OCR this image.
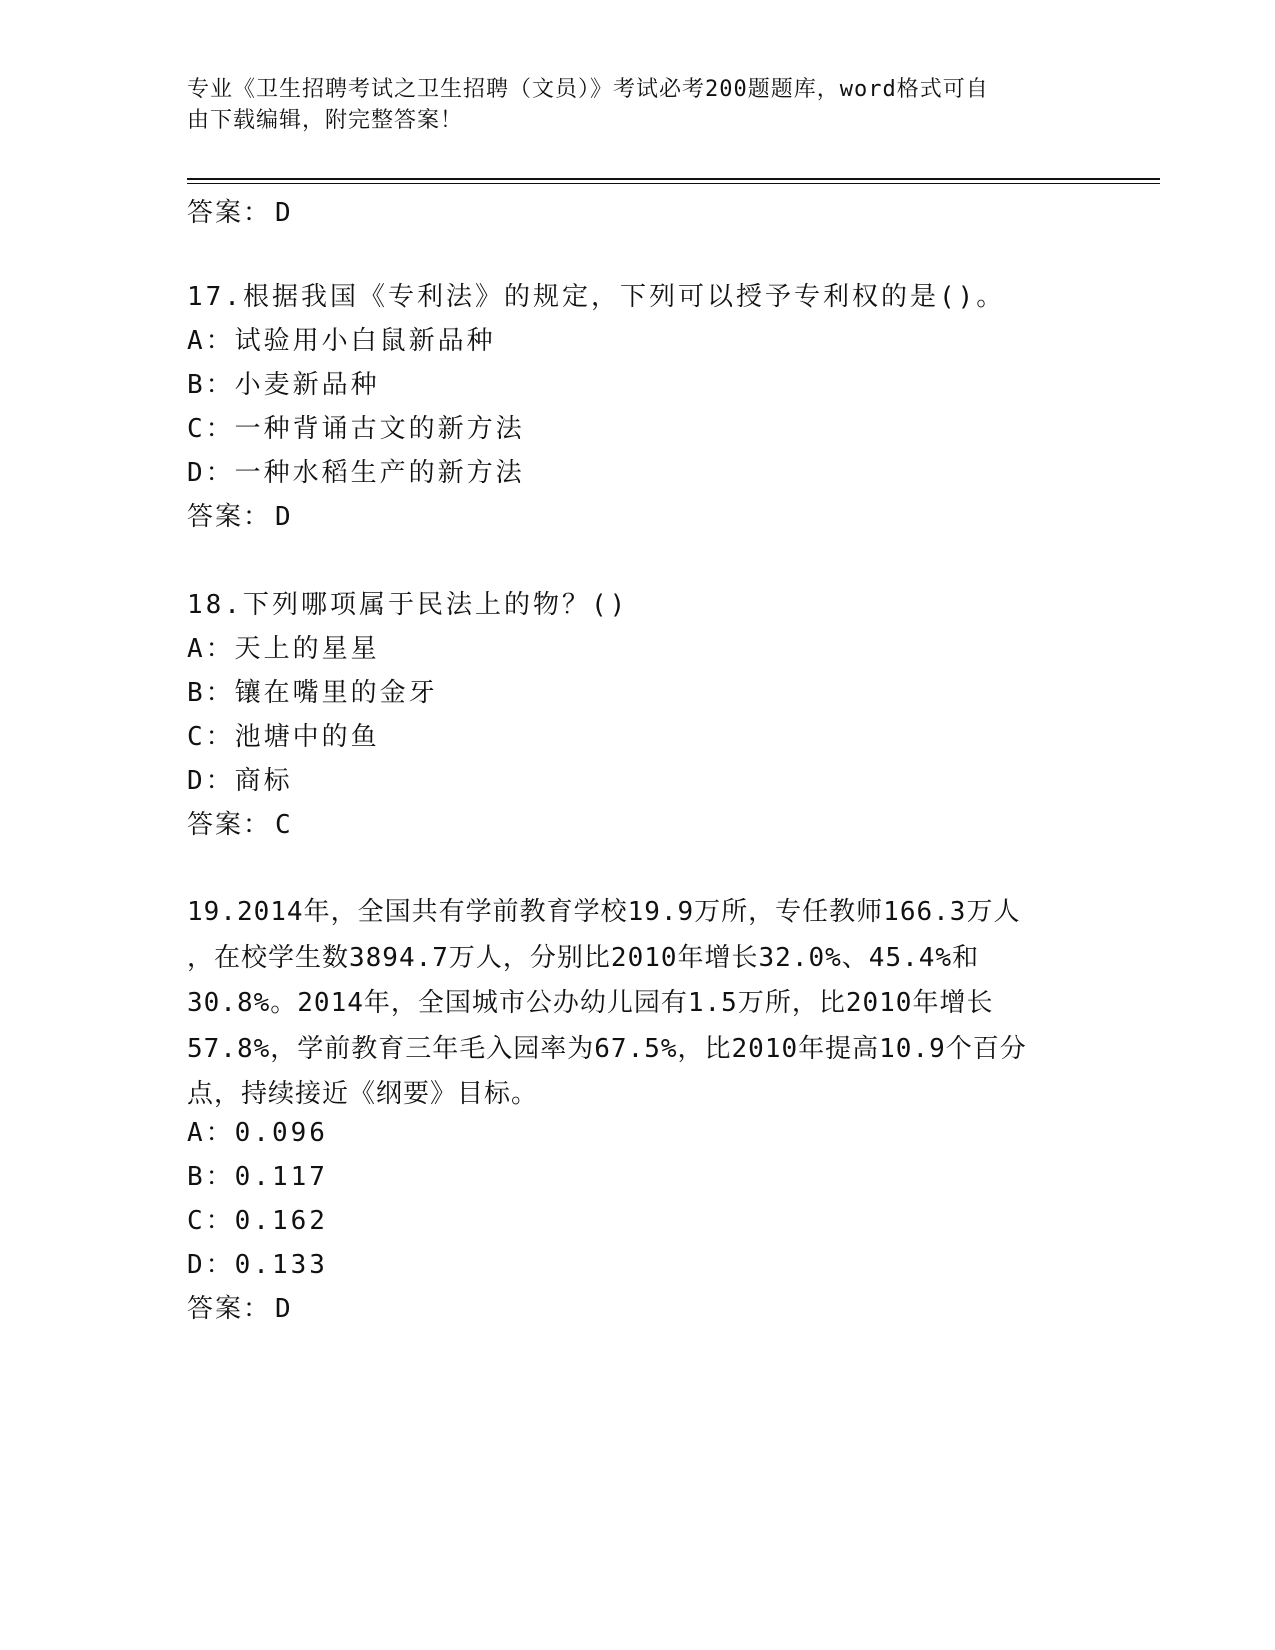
专业《卫生招聘考试之卫生招聘（文员）》考试必考200题题库，word格式可自
由下载编辑，附完整答案！
答案： D
17.根据我国《专利法》的规定，下列可以授予专利权的是()。
A：试验用小白鼠新品种
B：小麦新品种
C：一种背诵古文的新方法
D：一种水稻生产的新方法
答案： D
18.下列哪项属于民法上的物？()
A：天上的星星
B：镶在嘴里的金牙
C：池塘中的鱼
D：商标
答案： C
19.2014年，全国共有学前教育学校19.9万所，专任教师166.3万人
，在校学生数3894.7万人，分别比2010年增长32.0%、45.4%和
30.8%。2014年，全国城市公办幼儿园有1.5万所，比2010年增长
57.8%，学前教育三年毛入园率为67.5%，比2010年提高10.9个百分
点，持续接近《纲要》目标。
A：0.096
B：0.117
C：0.162
D：0.133
答案： D
